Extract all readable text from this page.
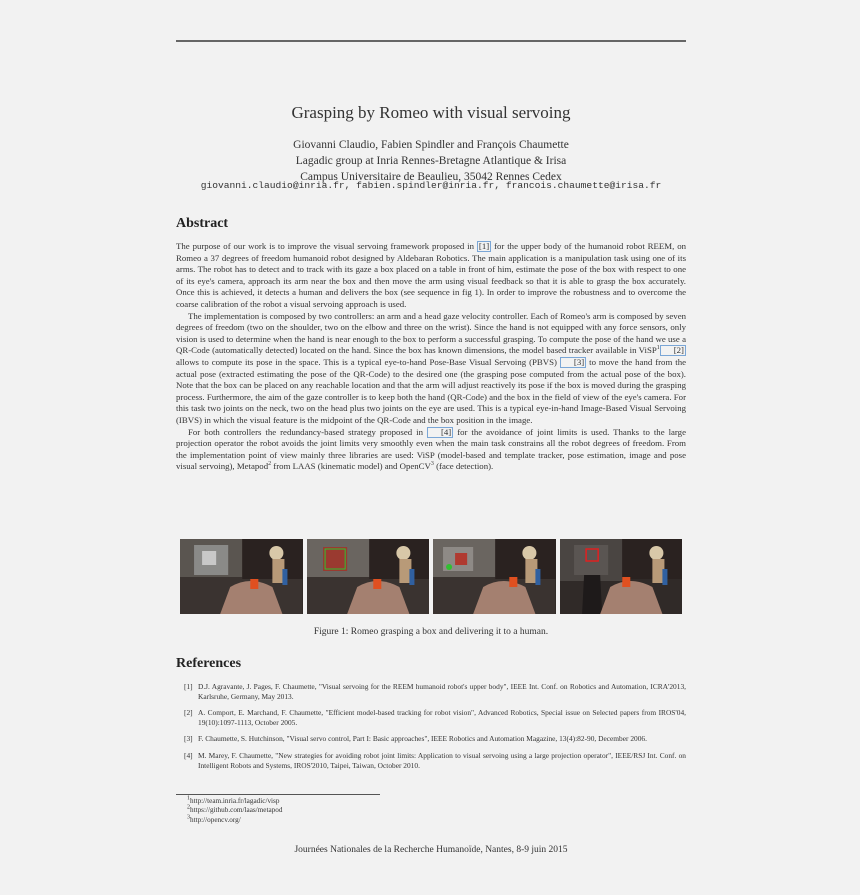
Grasping by Romeo with visual servoing
Giovanni Claudio, Fabien Spindler and François Chaumette
Lagadic group at Inria Rennes-Bretagne Atlantique & Irisa
Campus Universitaire de Beaulieu, 35042 Rennes Cedex
giovanni.claudio@inria.fr, fabien.spindler@inria.fr, francois.chaumette@irisa.fr
Abstract

The purpose of our work is to improve the visual servoing framework proposed in [1] for the upper body of the humanoid robot REEM, on Romeo a 37 degrees of freedom humanoid robot designed by Aldebaran Robotics. The main application is a manipulation task using one of its arms. The robot has to detect and to track with its gaze a box placed on a table in front of him, estimate the pose of the box with respect to one of its eye's camera, approach its arm near the box and then move the arm using visual feedback so that it is able to grasp the box accurately. Once this is achieved, it detects a human and delivers the box (see sequence in fig 1). In order to improve the robustness and to overcome the coarse calibration of the robot a visual servoing approach is used.

The implementation is composed by two controllers: an arm and a head gaze velocity controller. Each of Romeo's arm is composed by seven degrees of freedom (two on the shoulder, two on the elbow and three on the wrist). Since the hand is not equipped with any force sensors, only vision is used to determine when the hand is near enough to the box to perform a successful grasping. To compute the pose of the hand we use a QR-Code (automatically detected) located on the hand. Since the box has known dimensions, the model based tracker available in ViSP$^1$ [2] allows to compute its pose in the space. This is a typical eye-to-hand Pose-Base Visual Servoing (PBVS) [3] to move the hand from the actual pose (extracted estimating the pose of the QR-Code) to the desired one (the grasping pose computed from the actual pose of the box). Note that the box can be placed on any reachable location and that the arm will adjust reactively its pose if the box is moved during the grasping process. Furthermore, the aim of the gaze controller is to keep both the hand (QR-Code) and the box in the field of view of the eye's camera. For this task two joints on the neck, two on the head plus two joints on the eye are used. This is a typical eye-in-hand Image-Based Visual Servoing (IBVS) in which the visual feature is the midpoint of the QR-Code and the box position in the image.

For both controllers the redundancy-based strategy proposed in [4] for the avoidance of joint limits is used. Thanks to the large projection operator the robot avoids the joint limits very smoothly even when the main task constrains all the robot degrees of freedom. From the implementation point of view mainly three libraries are used: ViSP (model-based and template tracker, pose estimation, image and pose visual servoing), Metapod$^2$ from LAAS (kinematic model) and OpenCV$^3$ (face detection).

Figure 1: Romeo grasping a box and delivering it to a human.
References
[1] D.J. Agravante, J. Pages, F. Chaumette, "Visual servoing for the REEM humanoid robot's upper body", IEEE Int. Conf. on Robotics and Automation, ICRA'2013, Karlsruhe, Germany, May 2013.
[2] A. Comport, E. Marchand, F. Chaumette, "Efficient model-based tracking for robot vision", Advanced Robotics, Special issue on Selected papers from IROS'04, 19(10):1097-1113, October 2005.
[3] F. Chaumette, S. Hutchinson, "Visual servo control, Part I: Basic approaches", IEEE Robotics and Automation Magazine, 13(4):82-90, December 2006.
[4] M. Marey, F. Chaumette, "New strategies for avoiding robot joint limits: Application to visual servoing using a large projection operator", IEEE/RSJ Int. Conf. on Intelligent Robots and Systems, IROS'2010, Taipei, Taiwan, October 2010.
$^1$http://team.inria.fr/lagadic/visp
$^2$https://github.com/laas/metapod
$^3$http://opencv.org/
Journées Nationales de la Recherche Humanoïde, Nantes, 8-9 juin 2015
